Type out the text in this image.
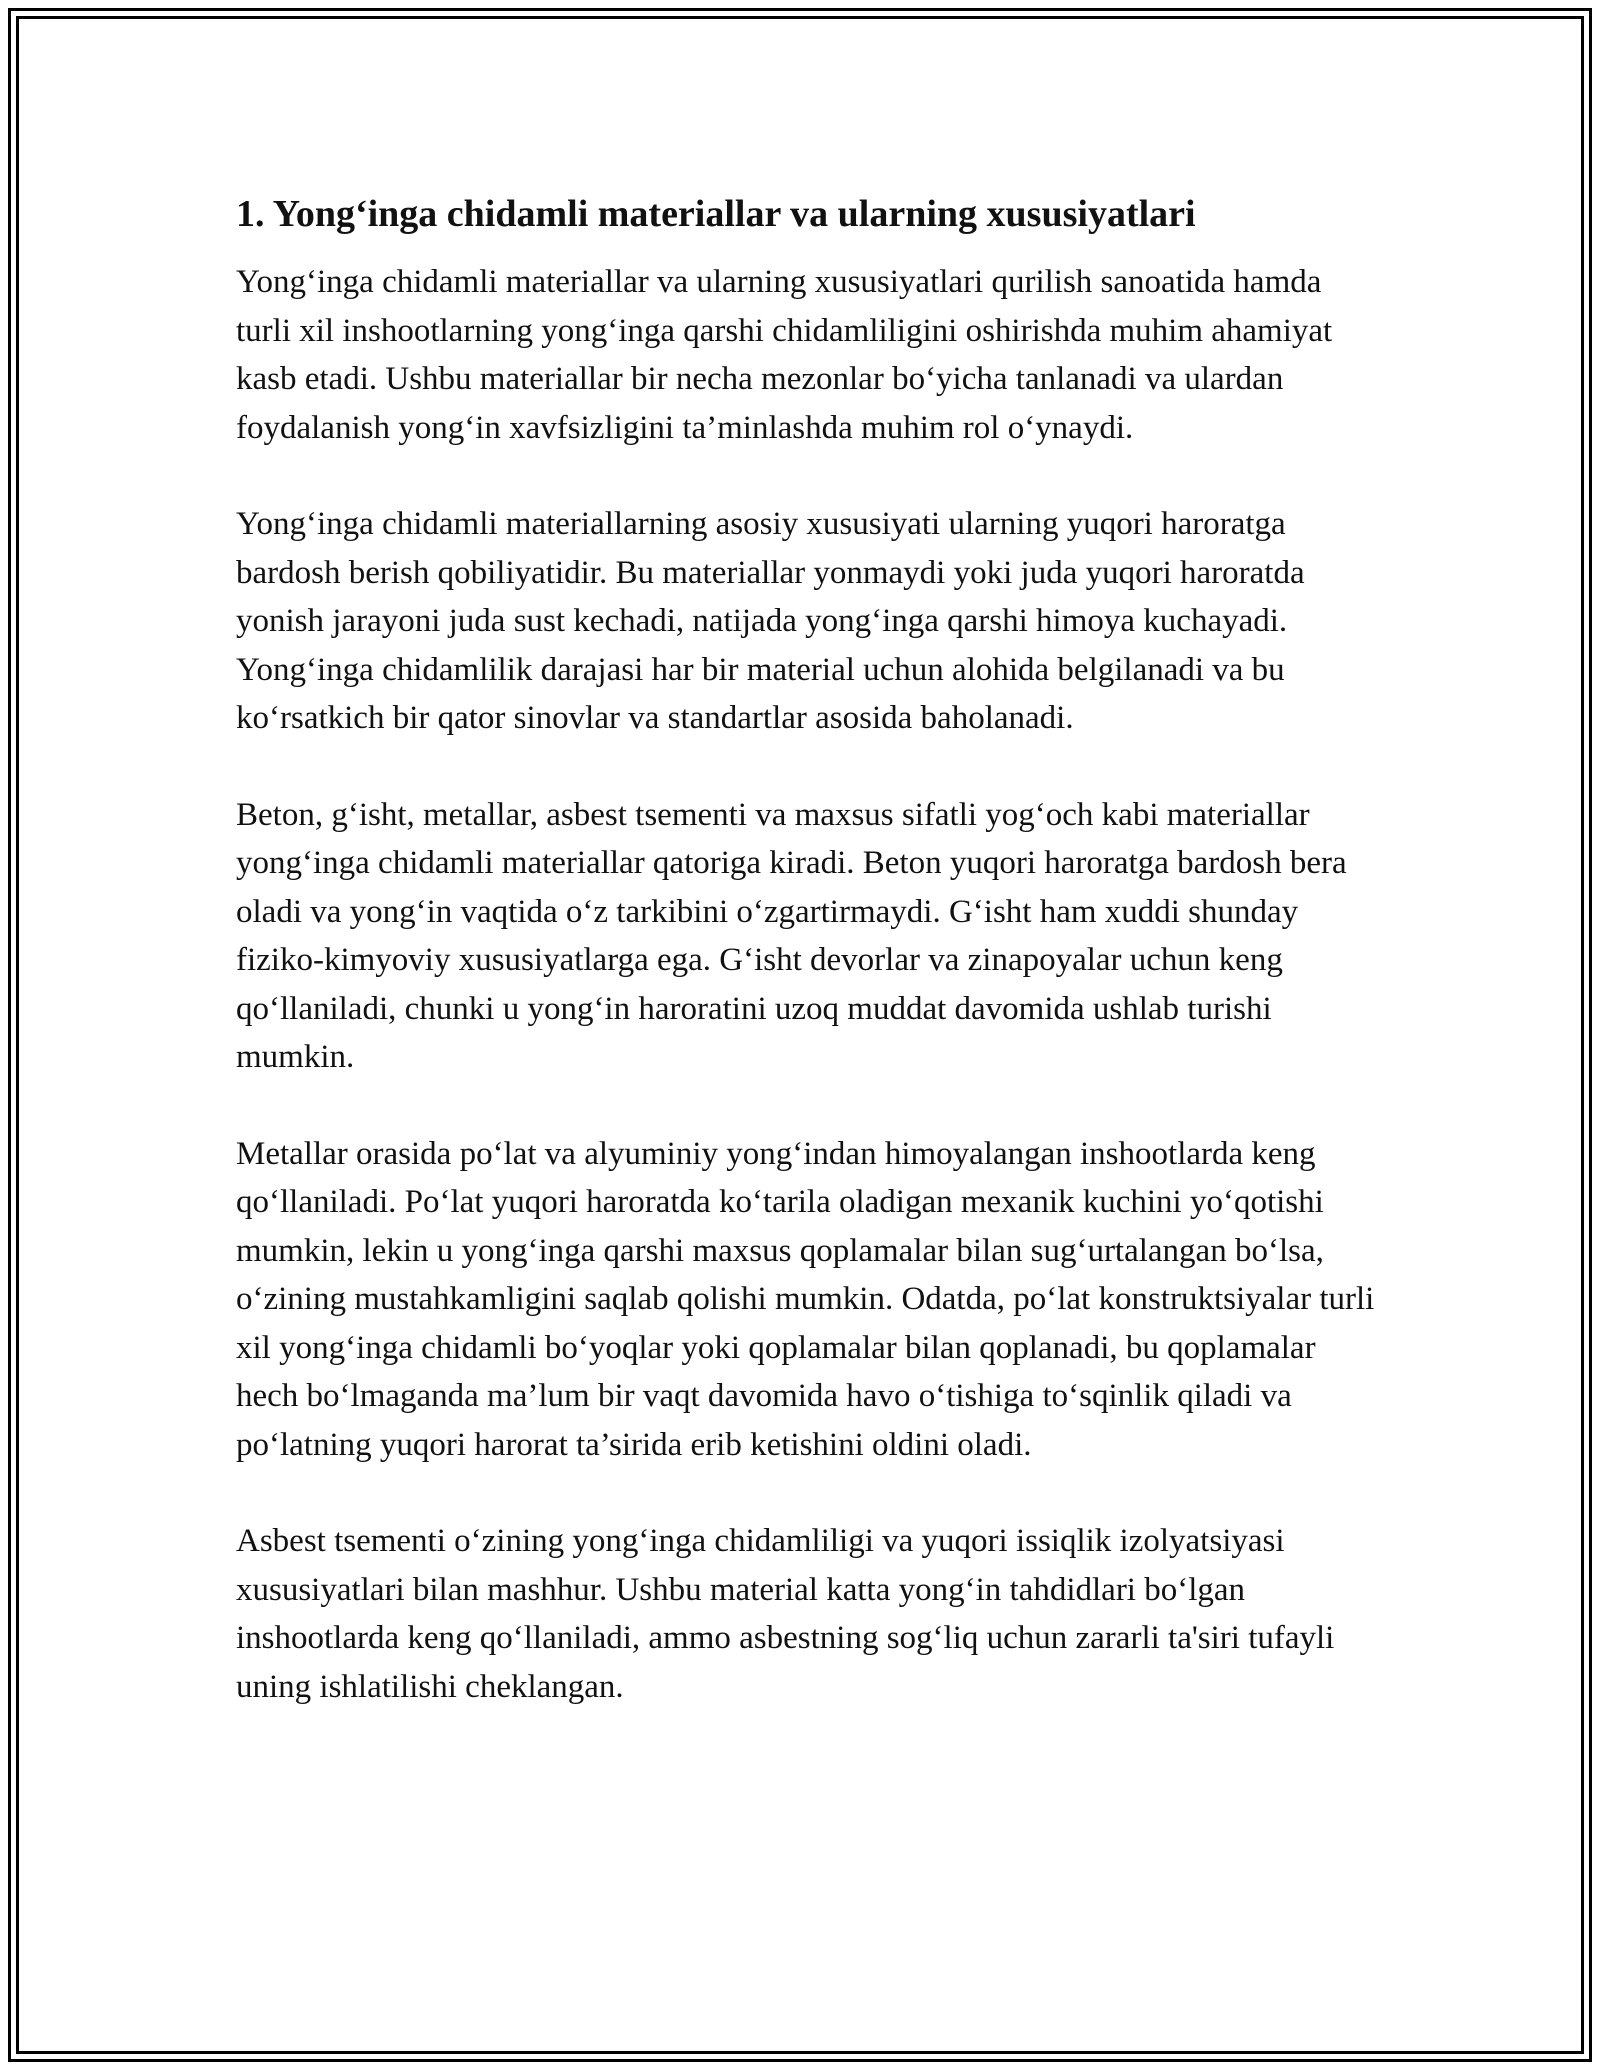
1. Yong‘inga chidamli materiallar va ularning xususiyatlari

Yong‘inga chidamli materiallar va ularning xususiyatlari qurilish sanoatida hamda turli xil inshootlarning yong‘inga qarshi chidamliligini oshirishda muhim ahamiyat kasb etadi. Ushbu materiallar bir necha mezonlar bo‘yicha tanlanadi va ulardan foydalanish yong‘in xavfsizligini ta’minlashda muhim rol o‘ynaydi.

Yong‘inga chidamli materiallarning asosiy xususiyati ularning yuqori haroratga bardosh berish qobiliyatidir. Bu materiallar yonmaydi yoki juda yuqori haroratda yonish jarayoni juda sust kechadi, natijada yong‘inga qarshi himoya kuchayadi. Yong‘inga chidamlilik darajasi har bir material uchun alohida belgilanadi va bu ko‘rsatkich bir qator sinovlar va standartlar asosida baholanadi.

Beton, g‘isht, metallar, asbest tsementi va maxsus sifatli yog‘och kabi materiallar yong‘inga chidamli materiallar qatoriga kiradi. Beton yuqori haroratga bardosh bera oladi va yong‘in vaqtida o‘z tarkibini o‘zgartirmaydi. G‘isht ham xuddi shunday fiziko-kimyoviy xususiyatlarga ega. G‘isht devorlar va zinapoyalar uchun keng qo‘llaniladi, chunki u yong‘in haroratini uzoq muddat davomida ushlab turishi mumkin.

Metallar orasida po‘lat va alyuminiy yong‘indan himoyalangan inshootlarda keng qo‘llaniladi. Po‘lat yuqori haroratda ko‘tarila oladigan mexanik kuchini yo‘qotishi mumkin, lekin u yong‘inga qarshi maxsus qoplamalar bilan sug‘urtalangan bo‘lsa, o‘zining mustahkamligini saqlab qolishi mumkin. Odatda, po‘lat konstruktsiyalar turli xil yong‘inga chidamli bo‘yoqlar yoki qoplamalar bilan qoplanadi, bu qoplamalar hech bo‘lmaganda ma’lum bir vaqt davomida havo o‘tishiga to‘sqinlik qiladi va po‘latning yuqori harorat ta’sirida erib ketishini oldini oladi.

Asbest tsementi o‘zining yong‘inga chidamliligi va yuqori issiqlik izolyatsiyasi xususiyatlari bilan mashhur. Ushbu material katta yong‘in tahdidlari bo‘lgan inshootlarda keng qo‘llaniladi, ammo asbestning sog‘liq uchun zararli ta'siri tufayli uning ishlatilishi cheklangan.
